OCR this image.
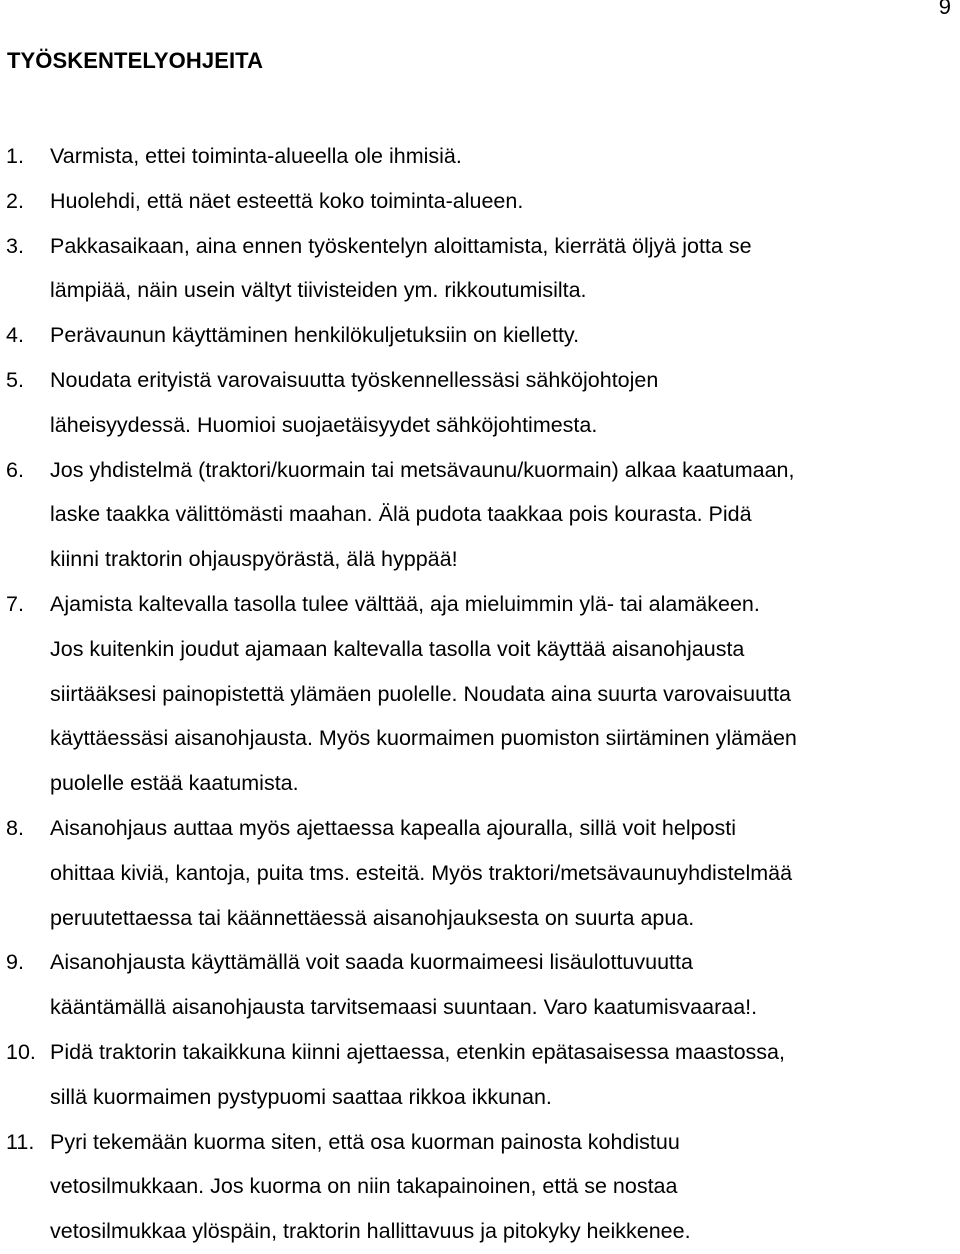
9
TYÖSKENTELYOHJEITA
1. Varmista, ettei toiminta-alueella ole ihmisiä.
2. Huolehdi, että näet esteettä koko toiminta-alueen.
3. Pakkasaikaan, aina ennen työskentelyn aloittamista, kierrätä öljyä jotta se
lämpiää, näin usein vältyt tiivisteiden ym. rikkoutumisilta.
4. Perävaunun käyttäminen henkilökuljetuksiin on kielletty.
5. Noudata erityistä varovaisuutta työskennellessäsi sähköjohtojen
läheisyydessä. Huomioi suojaetäisyydet sähköjohtimesta.
6. Jos yhdistelmä (traktori/kuormain tai metsävaunu/kuormain) alkaa kaatumaan,
laske taakka välittömästi maahan. Älä pudota taakkaa pois kourasta. Pidä
kiinni traktorin ohjauspyörästä, älä hyppää!
7. Ajamista kaltevalla tasolla tulee välttää, aja mieluimmin ylä- tai alamäkeen.
Jos kuitenkin joudut ajamaan kaltevalla tasolla voit käyttää aisanohjausta
siirtääksesi painopistettä ylämäen puolelle. Noudata aina suurta varovaisuutta
käyttäessäsi aisanohjausta. Myös kuormaimen puomiston siirtäminen ylämäen
puolelle estää kaatumista.
8. Aisanohjaus auttaa myös ajettaessa kapealla ajouralla, sillä voit helposti
ohittaa kiviä, kantoja, puita tms. esteitä. Myös traktori/metsävaunuyhdistelmää
peruutettaessa tai käännettäessä aisanohjauksesta on suurta apua.
9. Aisanohjausta käyttämällä voit saada kuormaimeesi lisäulottuvuutta
kääntämällä aisanohjausta tarvitsemaasi suuntaan. Varo kaatumisvaaraa!.
10. Pidä traktorin takaikkuna kiinni ajettaessa, etenkin epätasaisessa maastossa,
sillä kuormaimen pystypuomi saattaa rikkoa ikkunan.
11. Pyri tekemään kuorma siten, että osa kuorman painosta kohdistuu
vetosilmukkaan. Jos kuorma on niin takapainoinen, että se nostaa
vetosilmukkaa ylöspäin, traktorin hallittavuus ja pitokyky heikkenee.
